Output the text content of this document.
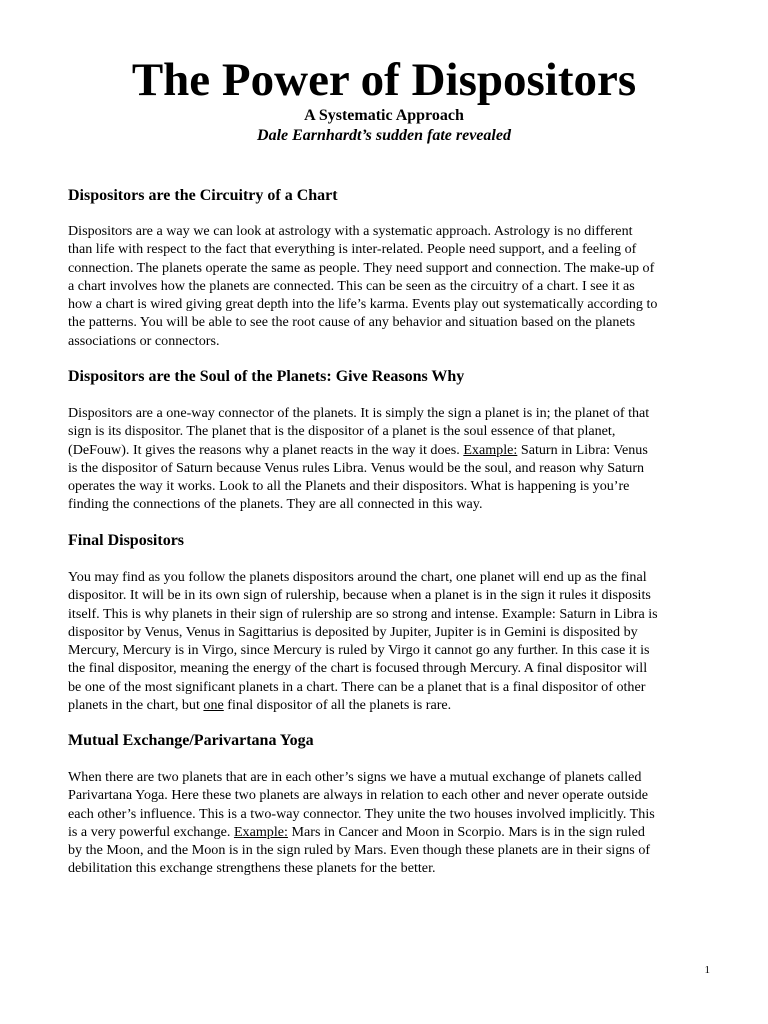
The Power of Dispositors
A Systematic Approach
Dale Earnhardt’s sudden fate revealed
Dispositors are the Circuitry of a Chart

Dispositors are a way we can look at astrology with a systematic approach. Astrology is no different
than life with respect to the fact that everything is inter-related. People need support, and a feeling of
connection. The planets operate the same as people. They need support and connection. The make-up of
a chart involves how the planets are connected. This can be seen as the circuitry of a chart. I see it as
how a chart is wired giving great depth into the life’s karma. Events play out systematically according to
the patterns. You will be able to see the root cause of any behavior and situation based on the planets
associations or connectors.

Dispositors are the Soul of the Planets: Give Reasons Why

Dispositors are a one-way connector of the planets. It is simply the sign a planet is in; the planet of that
sign is its dispositor. The planet that is the dispositor of a planet is the soul essence of that planet,
(DeFouw). It gives the reasons why a planet reacts in the way it does. Example: Saturn in Libra: Venus
is the dispositor of Saturn because Venus rules Libra. Venus would be the soul, and reason why Saturn
operates the way it works. Look to all the Planets and their dispositors. What is happening is you’re
finding the connections of the planets. They are all connected in this way.

Final Dispositors

You may find as you follow the planets dispositors around the chart, one planet will end up as the final
dispositor. It will be in its own sign of rulership, because when a planet is in the sign it rules it disposits
itself. This is why planets in their sign of rulership are so strong and intense. Example: Saturn in Libra is
dispositor by Venus, Venus in Sagittarius is deposited by Jupiter, Jupiter is in Gemini is disposited by
Mercury, Mercury is in Virgo, since Mercury is ruled by Virgo it cannot go any further. In this case it is
the final dispositor, meaning the energy of the chart is focused through Mercury. A final dispositor will
be one of the most significant planets in a chart. There can be a planet that is a final dispositor of other
planets in the chart, but one final dispositor of all the planets is rare.

Mutual Exchange/Parivartana Yoga

When there are two planets that are in each other’s signs we have a mutual exchange of planets called
Parivartana Yoga. Here these two planets are always in relation to each other and never operate outside
each other’s influence. This is a two-way connector. They unite the two houses involved implicitly. This
is a very powerful exchange. Example: Mars in Cancer and Moon in Scorpio. Mars is in the sign ruled
by the Moon, and the Moon is in the sign ruled by Mars. Even though these planets are in their signs of
debilitation this exchange strengthens these planets for the better.

1
